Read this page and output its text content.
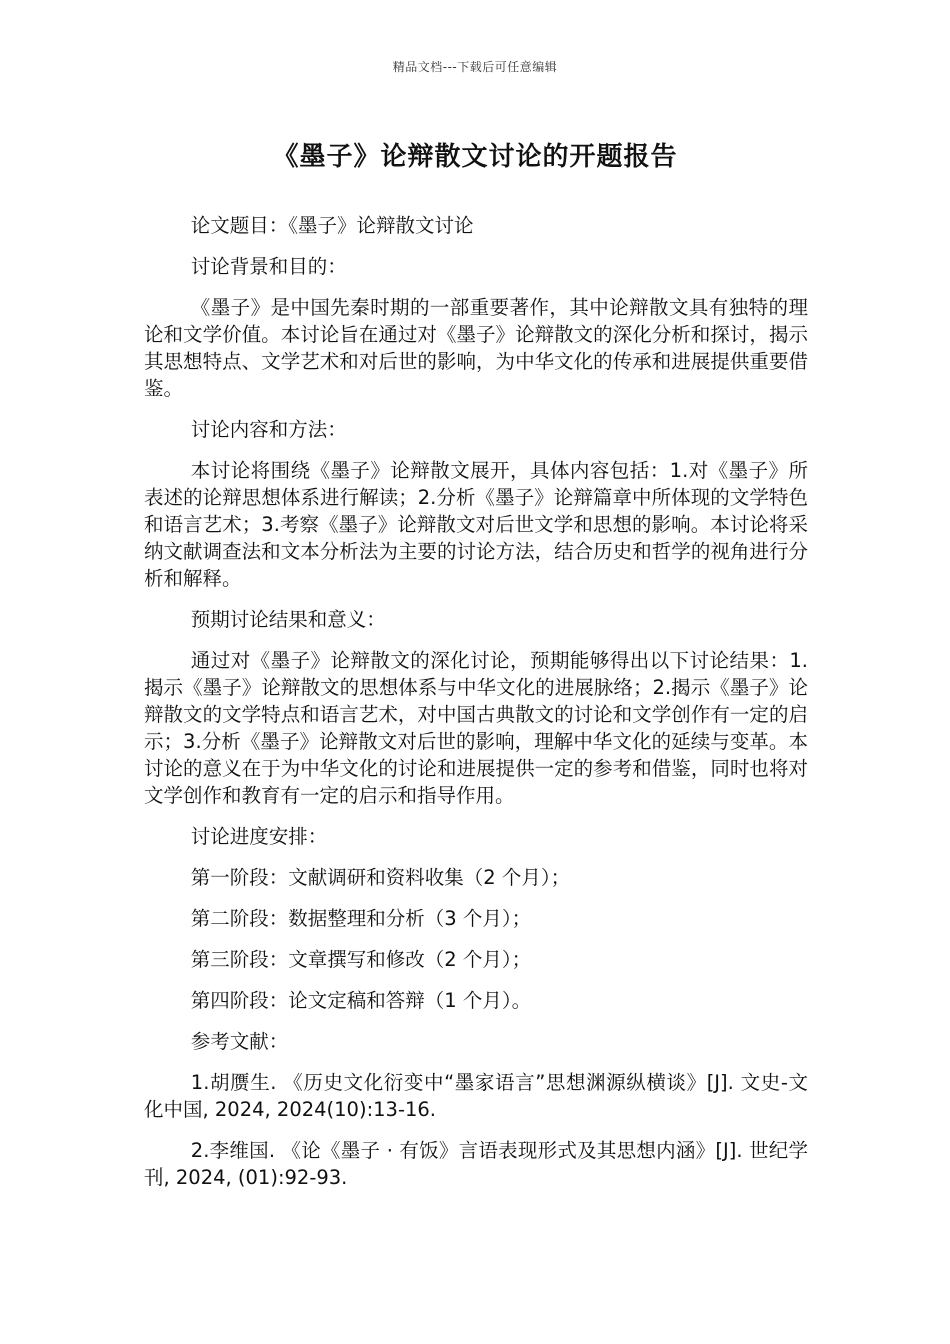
精品文档---下载后可任意编辑
《墨子》论辩散文讨论的开题报告

论文题目：《墨子》论辩散文讨论

讨论背景和目的：

《墨子》是中国先秦时期的一部重要著作，其中论辩散文具有独特的理论和文学价值。本讨论旨在通过对《墨子》论辩散文的深化分析和探讨，揭示其思想特点、文学艺术和对后世的影响，为中华文化的传承和进展提供重要借鉴。

讨论内容和方法：

本讨论将围绕《墨子》论辩散文展开，具体内容包括：1.对《墨子》所表述的论辩思想体系进行解读；2.分析《墨子》论辩篇章中所体现的文学特色和语言艺术；3.考察《墨子》论辩散文对后世文学和思想的影响。本讨论将采纳文献调查法和文本分析法为主要的讨论方法，结合历史和哲学的视角进行分析和解释。

预期讨论结果和意义：

通过对《墨子》论辩散文的深化讨论，预期能够得出以下讨论结果：1.揭示《墨子》论辩散文的思想体系与中华文化的进展脉络；2.揭示《墨子》论辩散文的文学特点和语言艺术，对中国古典散文的讨论和文学创作有一定的启示；3.分析《墨子》论辩散文对后世的影响，理解中华文化的延续与变革。本讨论的意义在于为中华文化的讨论和进展提供一定的参考和借鉴，同时也将对文学创作和教育有一定的启示和指导作用。

讨论进度安排：

第一阶段：文献调研和资料收集（2 个月）；

第二阶段：数据整理和分析（3 个月）；

第三阶段：文章撰写和修改（2 个月）；

第四阶段：论文定稿和答辩（1 个月）。

参考文献：

1.胡赝生. 《历史文化衍变中“墨家语言”思想渊源纵横谈》[J]. 文史-文化中国, 2024, 2024(10):13-16.

2.李维国. 《论《墨子 · 有饭》言语表现形式及其思想内涵》[J]. 世纪学刊, 2024, (01):92-93.
